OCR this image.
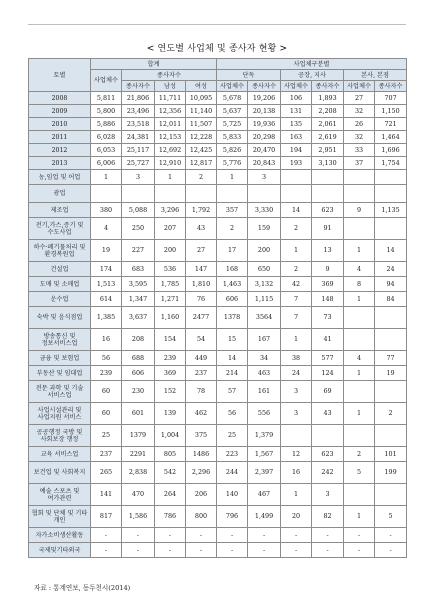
< 연도별 사업체 및 종사자 현황 >
토별	합계				사업체구분별					
	사업체수	종사자수			단독		공장, 지사		본사, 본점	
		종사자수	남성	여성	사업체수	종사자수	사업체수	종사자수	사업체수	종사자수
2008	5,811	21,806	11,711	10,095	5,678	19,206	106	1,893	27	707
2009	5,800	23,496	12,356	11,140	5,637	20,138	131	2,208	32	1,150
2010	5,886	23,518	12,011	11,507	5,725	19,936	135	2,061	26	721
2011	6,028	24,381	12,153	12,228	5,833	20,298	163	2,619	32	1,464
2012	6,053	25,117	12,692	12,425	5,826	20,470	194	2,951	33	1,696
2013	6,006	25,727	12,910	12,817	5,776	20,843	193	3,130	37	1,754
농,임업 및 어업	1	3	1	2	1	3				
광업										
제조업	380	5,088	3,296	1,792	357	3,330	14	623	9	1,135
전기,가스,증기 및 수도사업	4	250	207	43	2	159	2	91		
하수·폐기물처리 및 환경복원업	19	227	200	27	17	200	1	13	1	14
건설업	174	683	536	147	168	650	2	9	4	24
도매 및 소매업	1,513	3,595	1,785	1,810	1,463	3,132	42	369	8	94
운수업	614	1,347	1,271	76	606	1,115	7	148	1	84
숙박 및 음식점업	1,385	3,637	1,160	2477	1378	3564	7	73		
방송통신 및 정보서비스업	16	208	154	54	15	167	1	41		
금융 및 보험업	56	688	239	449	14	34	38	577	4	77
부동산 및 임대업	239	606	369	237	214	463	24	124	1	19
전문 과학 및 기술 서비스업	60	230	152	78	57	161	3	69		
사업시설관리 및 사업지원 서비스	60	601	139	462	56	556	3	43	1	2
공공행정 국방 및 사회보장 행정	25	1379	1,004	375	25	1,379				
교육 서비스업	237	2291	805	1486	223	1,567	12	623	2	101
보건업 및 사회복지	265	2,838	542	2,296	244	2,397	16	242	5	199
예술 스포츠 및 여가관련	141	470	264	206	140	467	1	3		
협회 및 단체 및 기타 개인	817	1,586	786	800	796	1,499	20	82	1	5
자가소비생산활동	-	-	-	-	-	-	-	-	-	-
국제및기타외국	-	-	-	-	-	-	-	-	-	-
자료 : 통계연보, 동두천시(2014)
